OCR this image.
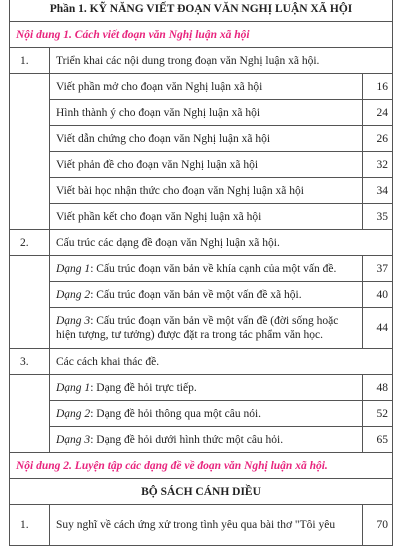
Phần 1. KỸ NĂNG VIẾT ĐOẠN VĂN NGHỊ LUẬN XÃ HỘI		
Nội dung 1. Cách viết đoạn văn Nghị luận xã hội		
1.	Triển khai các nội dung trong đoạn văn Nghị luận xã hội.	
	Viết phần mở cho đoạn văn Nghị luận xã hội	16
	Hình thành ý cho đoạn văn Nghị luận xã hội	24
	Viết dẫn chứng cho đoạn văn Nghị luận xã hội	26
	Viết phản đề cho đoạn văn Nghị luận xã hội	32
	Viết bài học nhận thức cho đoạn văn Nghị luận xã hội	34
	Viết phần kết cho đoạn văn Nghị luận xã hội	35
2.	Cấu trúc các dạng đề đoạn văn Nghị luận xã hội.	
	Dạng 1: Cấu trúc đoạn văn bản về khía cạnh của một vấn đề.	37
	Dạng 2: Cấu trúc đoạn văn bản về một vấn đề xã hội.	40
	Dạng 3: Cấu trúc đoạn văn bản về một vấn đề (đời sống hoặc hiện tượng, tư tưởng) được đặt ra trong tác phẩm văn học.	44
3.	Các cách khai thác đề.	
	Dạng 1: Dạng đề hỏi trực tiếp.	48
	Dạng 2: Dạng đề hỏi thông qua một câu nói.	52
	Dạng 3: Dạng đề hỏi dưới hình thức một câu hỏi.	65
Nội dung 2. Luyện tập các dạng đề về đoạn văn Nghị luận xã hội.		
BỘ SÁCH CÁNH DIỀU		
1.	Suy nghĩ về cách ứng xử trong tình yêu qua bài thơ "Tôi yêu	70
